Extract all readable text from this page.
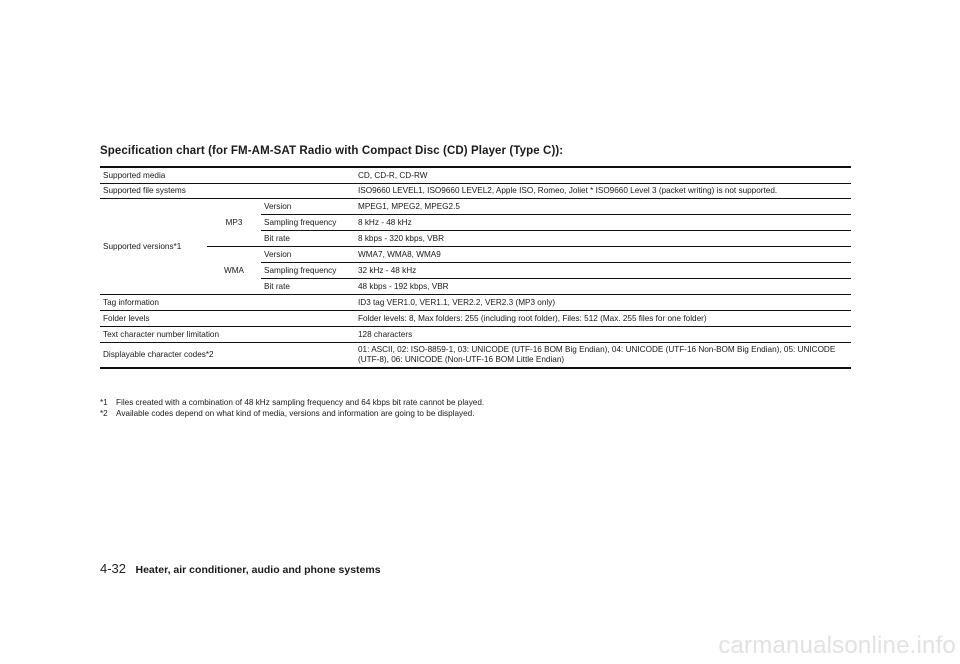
Specification chart (for FM-AM-SAT Radio with Compact Disc (CD) Player (Type C)):
Supported media			CD, CD-R, CD-RW
Supported file systems			ISO9660 LEVEL1, ISO9660 LEVEL2, Apple ISO, Romeo, Joliet * ISO9660 Level 3 (packet writing) is not supported.
Supported versions*1	MP3	Version	MPEG1, MPEG2, MPEG2.5
		Sampling frequency	8 kHz - 48 kHz
		Bit rate	8 kbps - 320 kbps, VBR
	WMA	Version	WMA7, WMA8, WMA9
		Sampling frequency	32 kHz - 48 kHz
		Bit rate	48 kbps - 192 kbps, VBR
Tag information			ID3 tag VER1.0, VER1.1, VER2.2, VER2.3 (MP3 only)
Folder levels			Folder levels: 8, Max folders: 255 (including root folder), Files: 512 (Max. 255 files for one folder)
Text character number limitation			128 characters
Displayable character codes*2			01: ASCII, 02: ISO-8859-1, 03: UNICODE (UTF-16 BOM Big Endian), 04: UNICODE (UTF-16 Non-BOM Big Endian), 05: UNICODE (UTF-8), 06: UNICODE (Non-UTF-16 BOM Little Endian)
*1	Files created with a combination of 48 kHz sampling frequency and 64 kbps bit rate cannot be played.
*2	Available codes depend on what kind of media, versions and information are going to be displayed.
4-32 Heater, air conditioner, audio and phone systems
carmanualsonline.info
